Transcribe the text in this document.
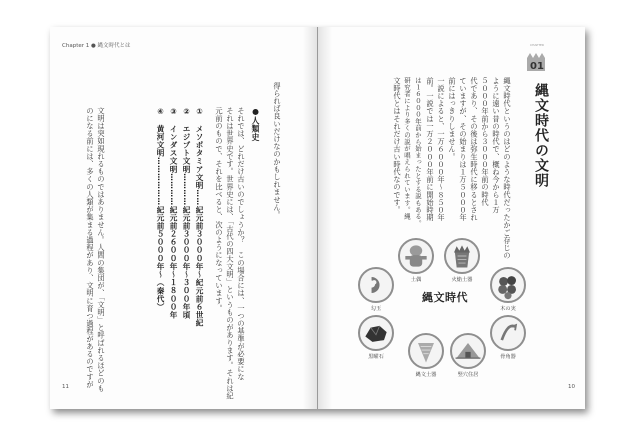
Chapter 1 ● 縄文時代とは
得られば良いだけなのかもしれません。
●人類史
それでは、どれだけ古いのでしょうか？　この場合には、一つの基準が必要にな
それは世界史です。世界史には、「古代の四大文明」というものがあります。それは紀
元前のもので、それを比べると、次のようになっています。
①　メソポタミア文明……紀元前３０００年～紀元前６世紀
②　エジプト文明…………紀元前３０００年～３００年頃
③　インダス文明…………紀元前２６００年～１８００年
④　黄河文明………………紀元前５０００年～（秦代）
文明は突如現れるものではありません。人間の集団が、「文明」と呼ばれるほどのも
のになる前には、多くの人類が集まる過程があり、文明に育つ過程があるのですが
11
CHAPTER
01
縄文時代の文明
縄文時代というのはどのような時代だったかご存じの
ように遠い昔の時代で、概ね今から１万
５０００年前から３０００年前の時代
代であり、その後は弥生時代に移るとされ
ていますが、その始まりは１万５０００年
前にはっきりしません。
一説によると、一万６０００年〜８５０年
前。一説では一万２０００年前に開始時期
は１６０００年前から始まったとする説もある。
研究者により多くの説が唱えられています。縄
文時代とはそれだけ古い時代なのです。
縄文時代
土偶	火焔土器
勾玉	木の実
黒曜石	骨角器
縄文土器	竪穴住居
10
